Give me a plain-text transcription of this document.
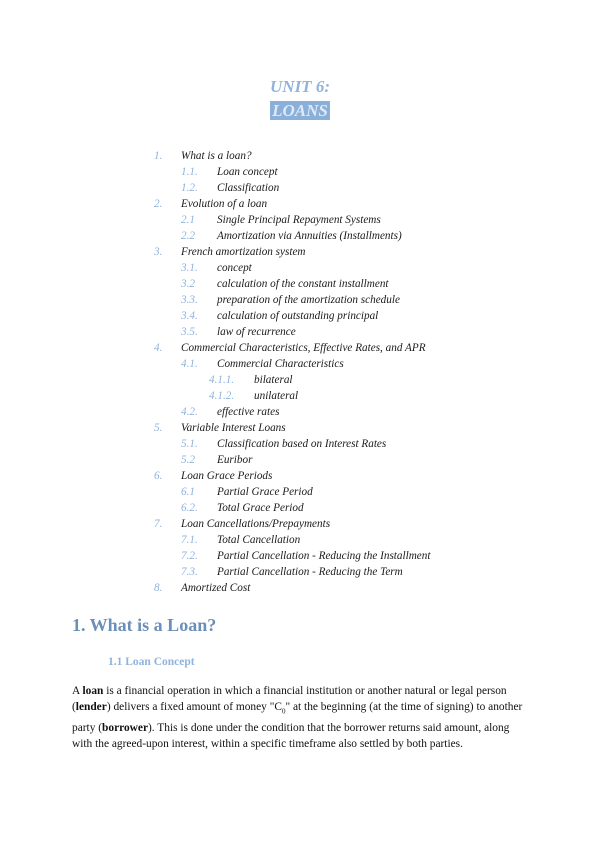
UNIT 6:
LOANS
1. What is a loan?
1.1. Loan concept
1.2. Classification
2. Evolution of a loan
2.1 Single Principal Repayment Systems
2.2 Amortization via Annuities (Installments)
3. French amortization system
3.1. concept
3.2 calculation of the constant installment
3.3. preparation of the amortization schedule
3.4. calculation of outstanding principal
3.5. law of recurrence
4. Commercial Characteristics, Effective Rates, and APR
4.1. Commercial Characteristics
4.1.1. bilateral
4.1.2. unilateral
4.2. effective rates
5. Variable Interest Loans
5.1. Classification based on Interest Rates
5.2 Euribor
6. Loan Grace Periods
6.1 Partial Grace Period
6.2. Total Grace Period
7. Loan Cancellations/Prepayments
7.1. Total Cancellation
7.2. Partial Cancellation - Reducing the Installment
7.3. Partial Cancellation - Reducing the Term
8. Amortized Cost
1. What is a Loan?
1.1 Loan Concept
A loan is a financial operation in which a financial institution or another natural or legal person (lender) delivers a fixed amount of money "$C_0$" at the beginning (at the time of signing) to another party (borrower). This is done under the condition that the borrower returns said amount, along with the agreed-upon interest, within a specific timeframe also settled by both parties.
